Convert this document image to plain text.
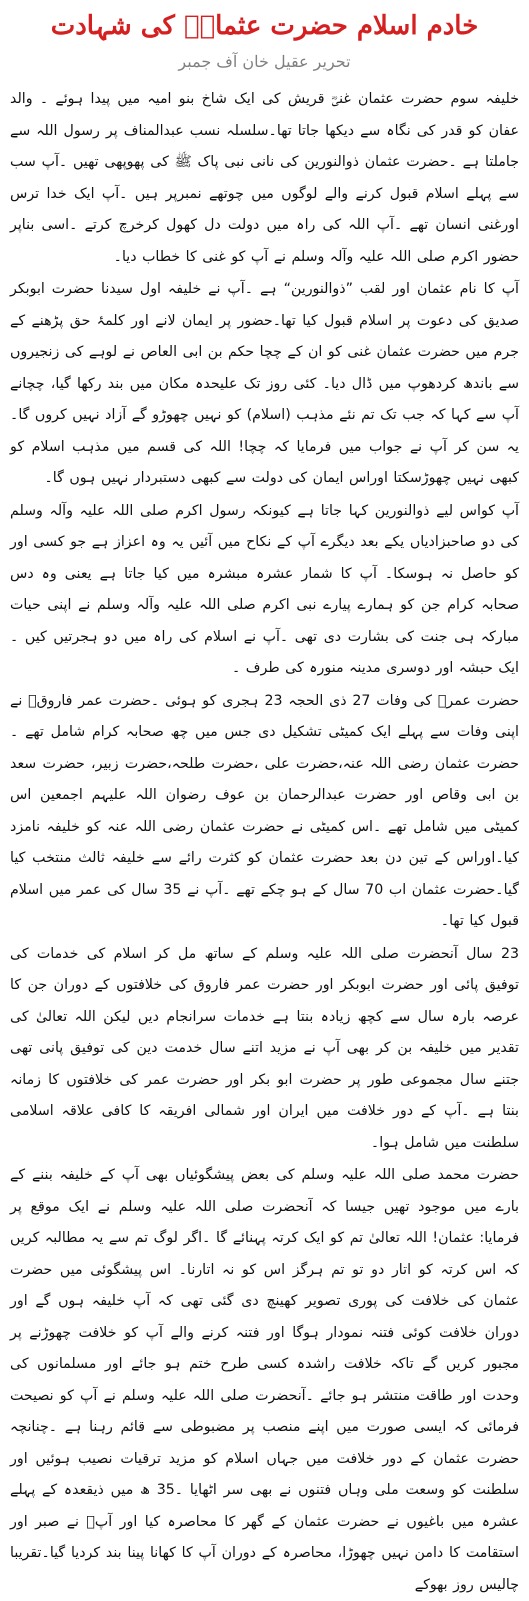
خادم اسلام حضرت عثمانؓ کی شہادت
تحریر عقیل خان آف جمبر

خلیفہ سوم حضرت عثمان غنیؓ قریش کی ایک شاخ بنو امیہ میں پیدا ہوئے ۔ والد عفان کو قدر کی نگاہ سے دیکھا جاتا تھا۔سلسلہ نسب عبدالمناف پر رسول اللہ سے جاملتا ہے ۔حضرت عثمان ذوالنورین کی نانی نبی پاک ﷺ کی پھوپھی تھیں ۔آپ سب سے پہلے اسلام قبول کرنے والے لوگوں میں چوتھے نمبرپر ہیں ۔آپ ایک خدا ترس اورغنی انسان تھے ۔آپ اللہ کی راہ میں دولت دل کھول کرخرچ کرتے ۔اسی بناپر حضور اکرم صلی اللہ علیہ وآلہ وسلم نے آپ کو غنی کا خطاب دیا۔

آپ کا نام عثمان اور لقب ”ذوالنورین“ ہے ۔آپ نے خلیفہ اول سیدنا حضرت ابوبکر صدیق کی دعوت پر اسلام قبول کیا تھا۔حضور پر ایمان لانے اور کلمۂ حق پڑھنے کے جرم میں حضرت عثمان غنی کو ان کے چچا حکم بن ابی العاص نے لوہے کی زنجیروں سے باندھ کردھوپ میں ڈال دیا۔ کئی روز تک علیحدہ مکان میں بند رکھا گیا، چچانے آپ سے کہا کہ جب تک تم نئے مذہب (اسلام) کو نہیں چھوڑو گے آزاد نہیں کروں گا۔یہ سن کر آپ نے جواب میں فرمایا کہ چچا! اللہ کی قسم میں مذہب اسلام کو کبھی نہیں چھوڑسکتا اوراس ایمان کی دولت سے کبھی دستبردار نہیں ہوں گا۔

آپ کواس لیے ذوالنورین کہا جاتا ہے کیونکہ رسول اکرم صلی اللہ علیہ وآلہ وسلم کی دو صاحبزادیاں یکے بعد دیگرے آپ کے نکاح میں آئیں یہ وہ اعزاز ہے جو کسی اور کو حاصل نہ ہوسکا۔ آپ کا شمار عشرہ مبشرہ میں کیا جاتا ہے یعنی وہ دس صحابہ کرام جن کو ہمارے پیارے نبی اکرم صلی اللہ علیہ وآلہ وسلم نے اپنی حیات مبارکہ ہی جنت کی بشارت دی تھی ۔آپ نے اسلام کی راہ میں دو ہجرتیں کیں ۔ایک حبشہ اور دوسری مدینہ منورہ کی طرف ۔

حضرت عمرؓ کی وفات 27 ذی الحجہ 23 ہجری کو ہوئی ۔حضرت عمر فاروقؓ نے اپنی وفات سے پہلے ایک کمیٹی تشکیل دی جس میں چھ صحابہ کرام شامل تھے ۔حضرت عثمان رضی اللہ عنہ،حضرت علی ،حضرت طلحہ،حضرت زبیر، حضرت سعد بن ابی وقاص اور حضرت عبدالرحمان بن عوف رضوان اللہ علیہم اجمعین اس کمیٹی میں شامل تھے ۔اس کمیٹی نے حضرت عثمان رضی اللہ عنہ کو خلیفہ نامزد کیا۔اوراس کے تین دن بعد حضرت عثمان کو کثرت رائے سے خلیفہ ثالث منتخب کیا گیا۔حضرت عثمان اب 70 سال کے ہو چکے تھے ۔آپ نے 35 سال کی عمر میں اسلام قبول کیا تھا۔

23 سال آنحضرت صلی اللہ علیہ وسلم کے ساتھ مل کر اسلام کی خدمات کی توفیق پائی اور حضرت ابوبکر اور حضرت عمر فاروق کی خلافتوں کے دوران جن کا عرصہ بارہ سال سے کچھ زیادہ بنتا ہے خدمات سرانجام دیں لیکن اللہ تعالیٰ کی تقدیر میں خلیفہ بن کر بھی آپ نے مزید اتنے سال خدمت دین کی توفیق پانی تھی جتنے سال مجموعی طور پر حضرت ابو بکر اور حضرت عمر کی خلافتوں کا زمانہ بنتا ہے ۔آپ کے دور خلافت میں ایران اور شمالی افریقہ کا کافی علاقہ اسلامی سلطنت میں شامل ہوا۔

حضرت محمد صلی اللہ علیہ وسلم کی بعض پیشگوئیاں بھی آپ کے خلیفہ بننے کے بارے میں موجود تھیں جیسا کہ آنحضرت صلی اللہ علیہ وسلم نے ایک موقع پر فرمایا: عثمان! اللہ تعالیٰ تم کو ایک کرتہ پہنائے گا ۔اگر لوگ تم سے یہ مطالبہ کریں کہ اس کرتہ کو اتار دو تو تم ہرگز اس کو نہ اتارنا۔ اس پیشگوئی میں حضرت عثمان کی خلافت کی پوری تصویر کھینچ دی گئی تھی کہ آپ خلیفہ ہوں گے اور دوران خلافت کوئی فتنہ نمودار ہوگا اور فتنہ کرنے والے آپ کو خلافت چھوڑنے پر مجبور کریں گے تاکہ خلافت راشدہ کسی طرح ختم ہو جائے اور مسلمانوں کی وحدت اور طاقت منتشر ہو جائے ۔آنحضرت صلی اللہ علیہ وسلم نے آپ کو نصیحت فرمائی کہ ایسی صورت میں اپنے منصب پر مضبوطی سے قائم رہنا ہے ۔چنانچہ حضرت عثمان کے دور خلافت میں جہاں اسلام کو مزید ترقیات نصیب ہوئیں اور سلطنت کو وسعت ملی وہاں فتنوں نے بھی سر اٹھایا ۔35 ھ میں ذیقعدہ کے پہلے عشرہ میں باغیوں نے حضرت عثمان کے گھر کا محاصرہ کیا اور آپؓ نے صبر اور استقامت کا دامن نہیں چھوڑا، محاصرہ کے دوران آپ کا کھانا پینا بند کردیا گیا۔تقریبا چالیس روز بھوکے
